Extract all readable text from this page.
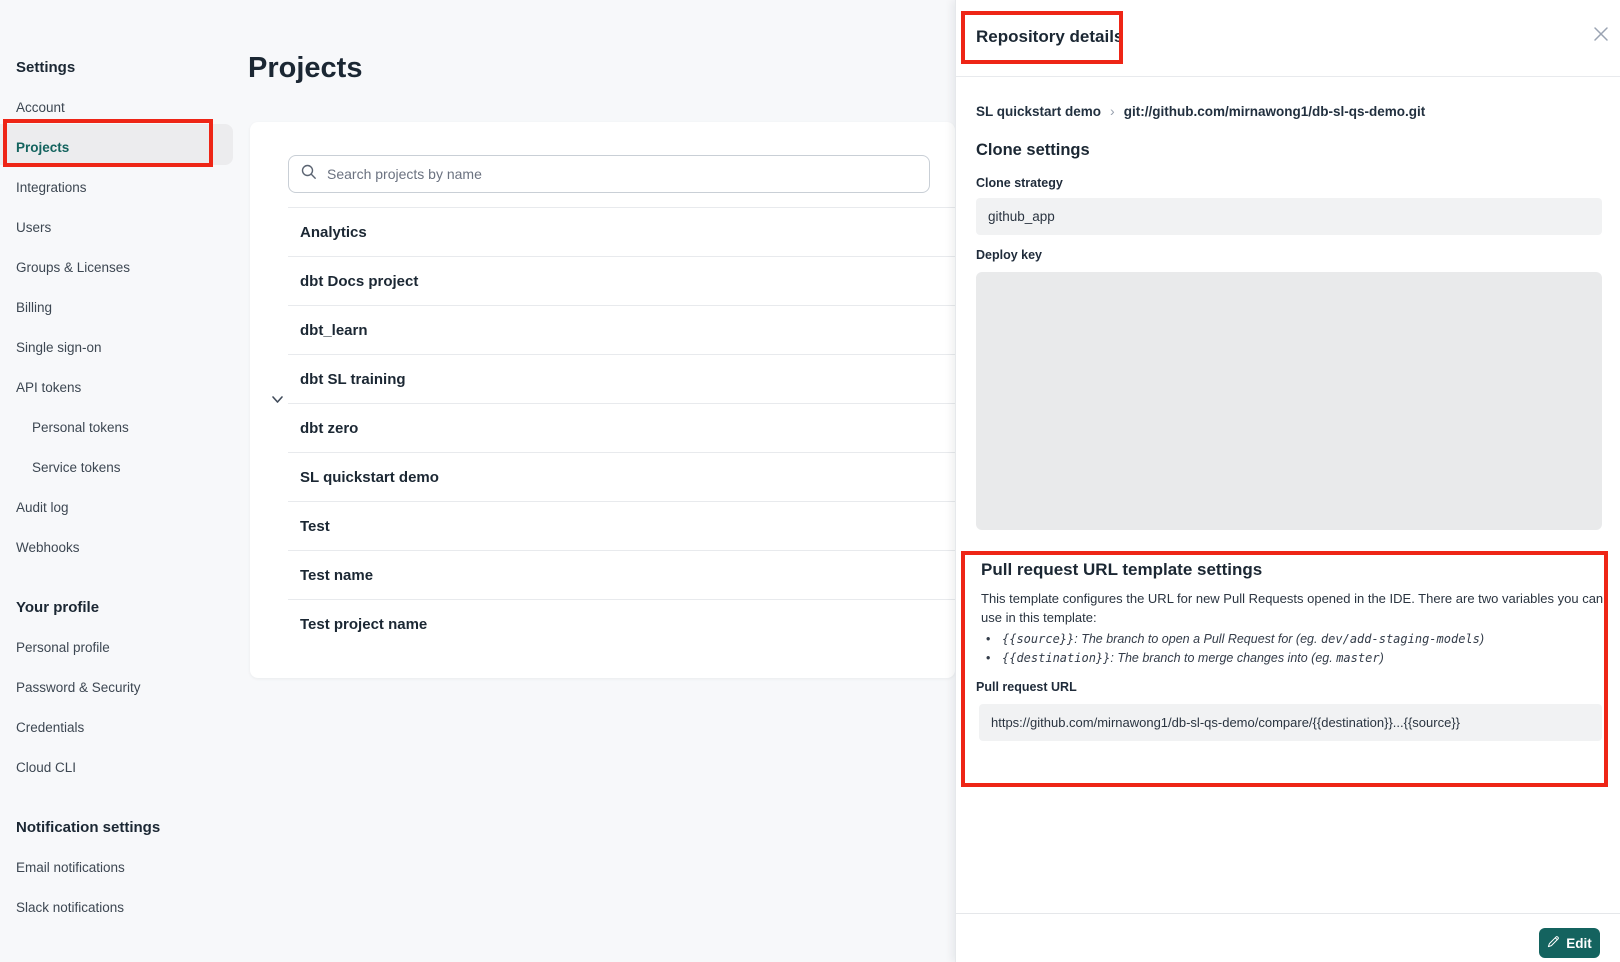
Settings
Account
Projects
Integrations
Users
Groups & Licenses
Billing
Single sign-on
API tokens
Personal tokens
Service tokens
Audit log
Webhooks
Your profile
Personal profile
Password & Security
Credentials
Cloud CLI
Notification settings
Email notifications
Slack notifications
Projects
Search projects by name
Analytics
dbt Docs project
dbt_learn
dbt SL training
dbt zero
SL quickstart demo
Test
Test name
Test project name
Repository details
SL quickstart demo › git://github.com/mirnawong1/db-sl-qs-demo.git
Clone settings
Clone strategy
github_app
Deploy key
Pull request URL template settings

This template configures the URL for new Pull Requests opened in the IDE. There are two variables you can
use in this template:

• {{source}}: The branch to open a Pull Request for (eg. dev/add-staging-models)
• {{destination}}: The branch to merge changes into (eg. master)
Pull request URL
https://github.com/mirnawong1/db-sl-qs-demo/compare/{{destination}}...{{source}}
Edit
